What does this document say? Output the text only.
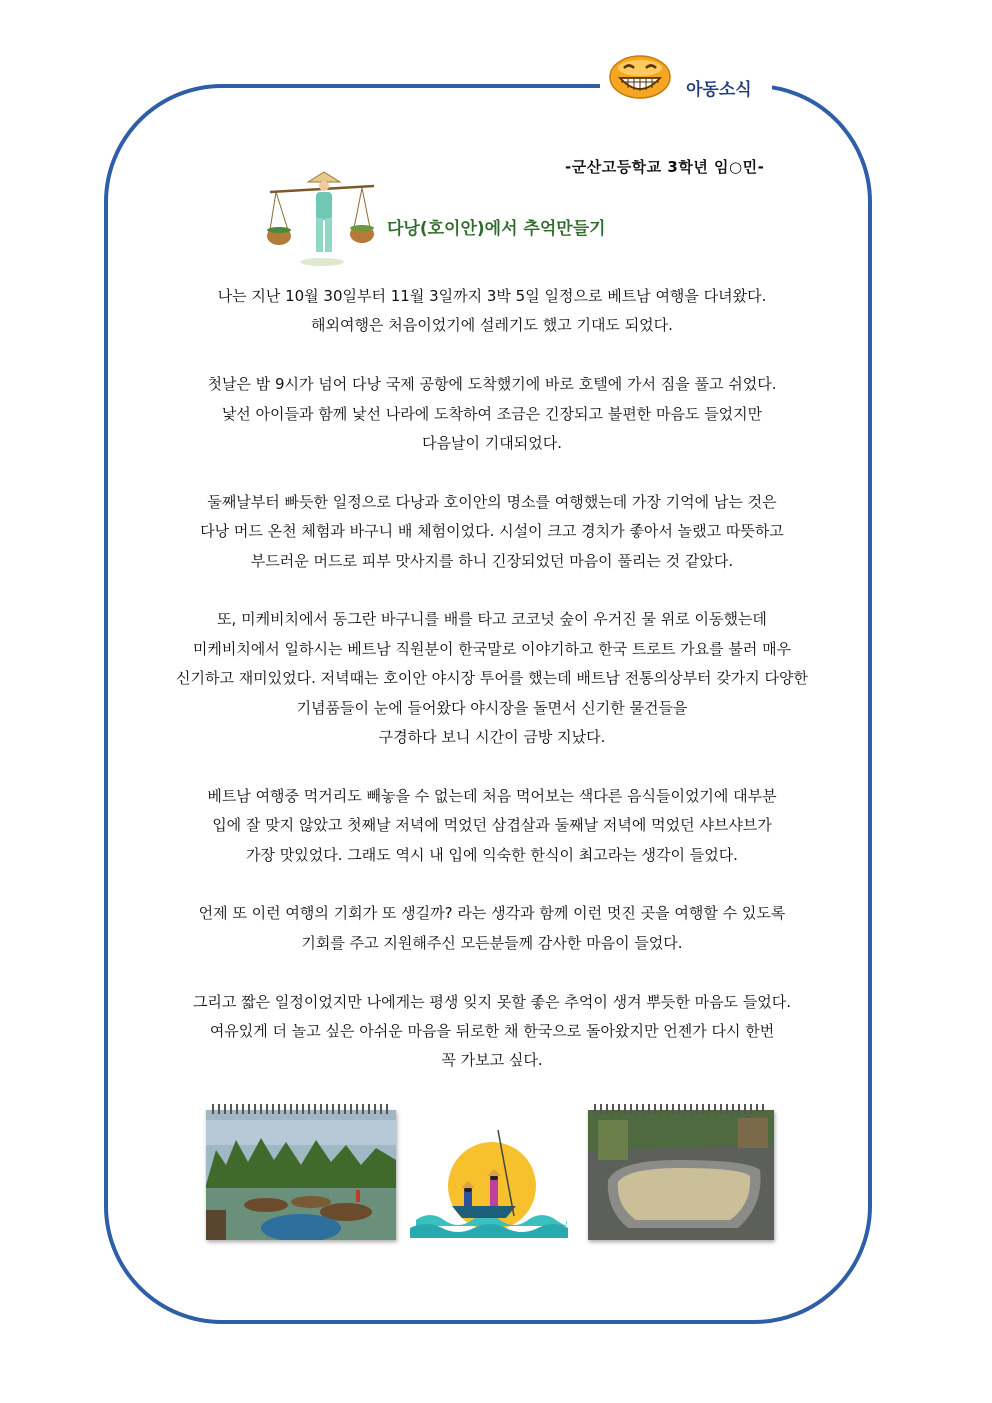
아동소식
-군산고등학교 3학년 임○민-
다낭(호이안)에서 추억만들기
나는 지난 10월 30일부터 11월 3일까지 3박 5일 일정으로 베트남 여행을 다녀왔다.
해외여행은 처음이었기에 설레기도 했고 기대도 되었다.
첫날은 밤 9시가 넘어 다낭 국제 공항에 도착했기에 바로 호텔에 가서 짐을 풀고 쉬었다.
낯선 아이들과 함께 낯선 나라에 도착하여 조금은 긴장되고 불편한 마음도 들었지만
다음날이 기대되었다.
둘째날부터 빠듯한 일정으로 다낭과 호이안의 명소를 여행했는데 가장 기억에 남는 것은
다낭 머드 온천 체험과 바구니 배 체험이었다. 시설이 크고 경치가 좋아서 놀랬고 따뜻하고
부드러운 머드로 피부 맛사지를 하니 긴장되었던 마음이 풀리는 것 같았다.
또, 미케비치에서 동그란 바구니를 배를 타고 코코넛 숲이 우거진 물 위로 이동했는데
미케비치에서 일하시는 베트남 직원분이 한국말로 이야기하고 한국 트로트 가요를 불러 매우
신기하고 재미있었다. 저녁때는 호이안 야시장 투어를 했는데 배트남 전통의상부터 갖가지 다양한
기념품들이 눈에 들어왔다 야시장을 돌면서 신기한 물건들을
구경하다 보니 시간이 금방 지났다.
베트남 여행중 먹거리도 빼놓을 수 없는데 처음 먹어보는 색다른 음식들이었기에 대부분
입에 잘 맞지 않았고 첫째날 저녁에 먹었던 삼겹살과 둘째날 저녁에 먹었던 샤브샤브가
가장 맛있었다. 그래도 역시 내 입에 익숙한 한식이 최고라는 생각이 들었다.
언제 또 이런 여행의 기회가 또 생길까? 라는 생각과 함께 이런 멋진 곳을 여행할 수 있도록
기회를 주고 지원해주신 모든분들께 감사한 마음이 들었다.
그리고 짧은 일정이었지만 나에게는 평생 잊지 못할 좋은 추억이 생겨 뿌듯한 마음도 들었다.
여유있게 더 놀고 싶은 아쉬운 마음을 뒤로한 채 한국으로 돌아왔지만 언젠가 다시 한번
꼭 가보고 싶다.
